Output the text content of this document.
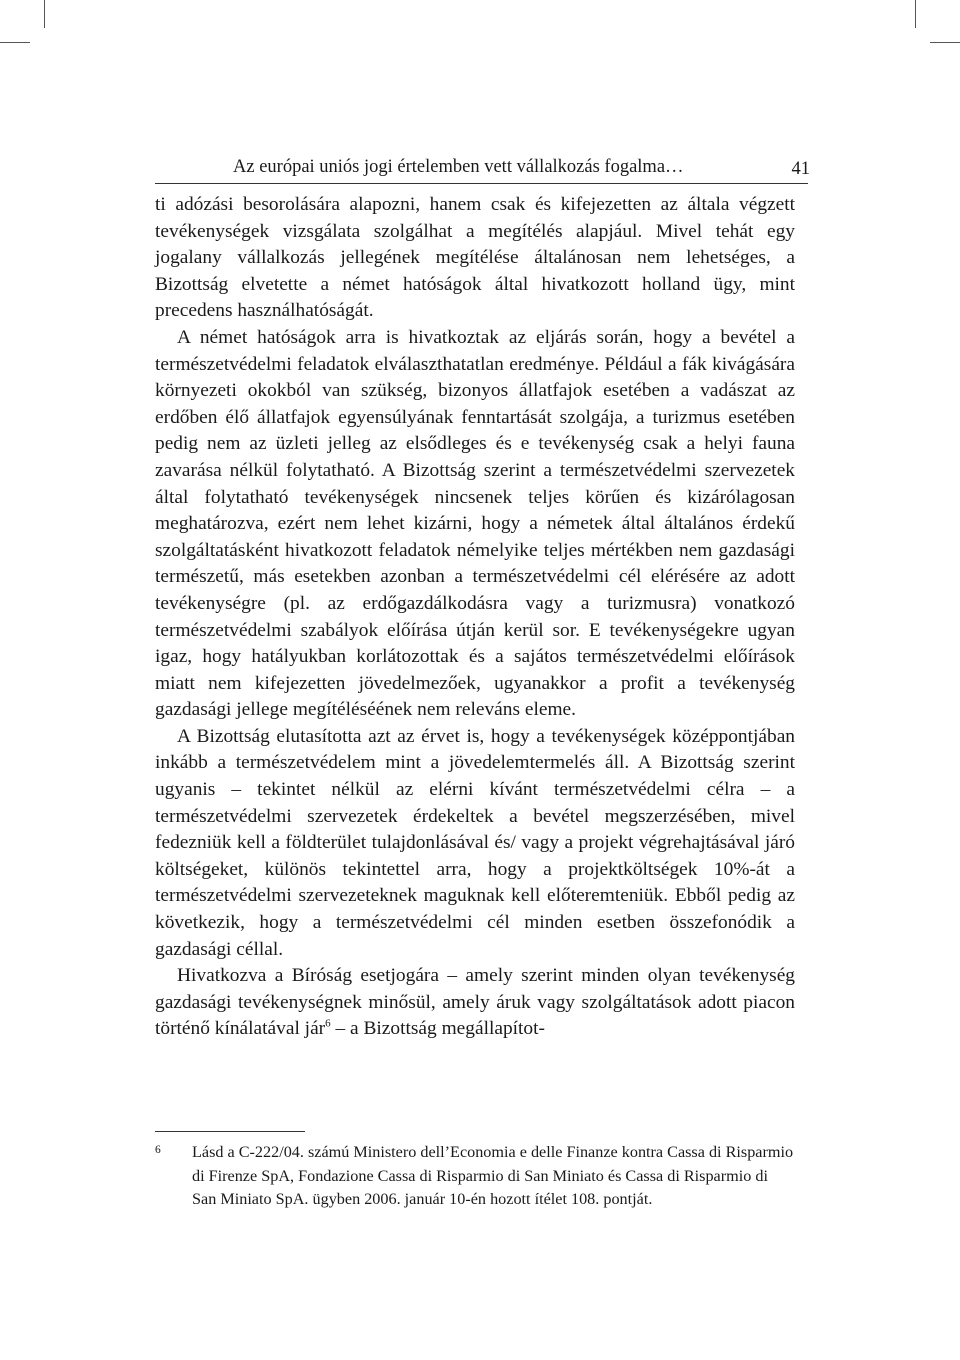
Az európai uniós jogi értelemben vett vállalkozás fogalma…	41

ti adózási besorolására alapozni, hanem csak és kifejezetten az általa végzett tevékenységek vizsgálata szolgálhat a megítélés alapjául. Mivel tehát egy jogalany vállalkozás jellegének megítélése általánosan nem lehetséges, a Bizottság elvetette a német hatóságok által hivatkozott holland ügy, mint precedens használhatóságát.

A német hatóságok arra is hivatkoztak az eljárás során, hogy a bevétel a természetvédelmi feladatok elválaszthatatlan eredménye. Például a fák kivágására környezeti okokból van szükség, bizonyos állatfajok esetében a vadászat az erdőben élő állatfajok egyensúlyának fenntartását szolgája, a turizmus esetében pedig nem az üzleti jelleg az elsődleges és e tevékenység csak a helyi fauna zavarása nélkül folytatható. A Bizottság szerint a természetvédelmi szervezetek által folytatható tevékenységek nincsenek teljes körűen és kizárólagosan meghatározva, ezért nem lehet kizárni, hogy a németek által általános érdekű szolgáltatásként hivatkozott feladatok némelyike teljes mértékben nem gazdasági természetű, más esetekben azonban a természetvédelmi cél elérésére az adott tevékenységre (pl. az erdőgazdálkodásra vagy a turizmusra) vonatkozó természetvédelmi szabályok előírása útján kerül sor. E tevékenységekre ugyan igaz, hogy hatályukban korlátozottak és a sajátos természetvédelmi előírások miatt nem kifejezetten jövedelmezőek, ugyanakkor a profit a tevékenység gazdasági jellege megítéléséének nem releváns eleme.

A Bizottság elutasította azt az érvet is, hogy a tevékenységek középpontjában inkább a természetvédelem mint a jövedelemtermelés áll. A Bizottság szerint ugyanis – tekintet nélkül az elérni kívánt természetvédelmi célra – a természetvédelmi szervezetek érdekeltek a bevétel megszerzésében, mivel fedezniük kell a földterület tulajdonlásával és/ vagy a projekt végrehajtásával járó költségeket, különös tekintettel arra, hogy a projektköltségek 10%-át a természetvédelmi szervezeteknek maguknak kell előteremteniük. Ebből pedig az következik, hogy a természetvédelmi cél minden esetben összefonódik a gazdasági céllal.

Hivatkozva a Bíróság esetjogára – amely szerint minden olyan tevékenység gazdasági tevékenységnek minősül, amely áruk vagy szolgáltatások adott piacon történő kínálatával jár$^6$ – a Bizottság megállapítot-

6 Lásd a C-222/04. számú Ministero dell’Economia e delle Finanze kontra Cassa di Risparmio di Firenze SpA, Fondazione Cassa di Risparmio di San Miniato és Cassa di Risparmio di San Miniato SpA. ügyben 2006. január 10-én hozott ítélet 108. pontját.
